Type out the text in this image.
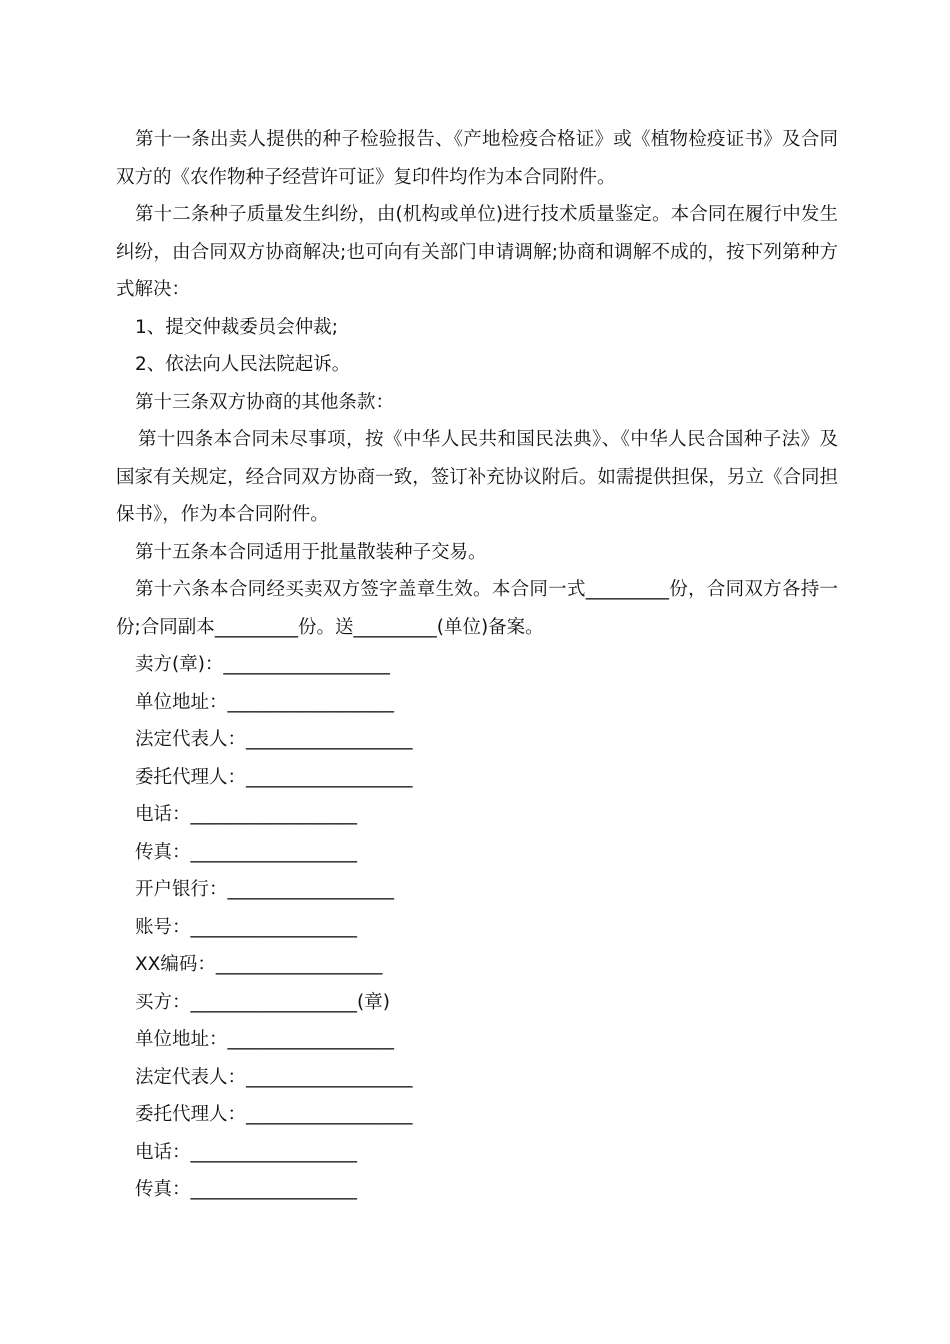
第十一条出卖人提供的种子检验报告、《产地检疫合格证》或《植物检疫证书》及合同双方的《农作物种子经营许可证》复印件均作为本合同附件。

第十二条种子质量发生纠纷，由(机构或单位)进行技术质量鉴定。本合同在履行中发生纠纷，由合同双方协商解决;也可向有关部门申请调解;协商和调解不成的，按下列第种方式解决：

1、提交仲裁委员会仲裁;

2、依法向人民法院起诉。

第十三条双方协商的其他条款：

第十四条本合同未尽事项，按《中华人民共和国民法典》、《中华人民合国种子法》及国家有关规定，经合同双方协商一致，签订补充协议附后。如需提供担保，另立《合同担保书》，作为本合同附件。

第十五条本合同适用于批量散装种子交易。

第十六条本合同经买卖双方签字盖章生效。本合同一式_________份，合同双方各持一份;合同副本_________份。送_________(单位)备案。

卖方(章)：__________________

单位地址：__________________

法定代表人：__________________

委托代理人：__________________

电话：__________________

传真：__________________

开户银行：__________________

账号：__________________

XX编码：__________________

买方：__________________(章)

单位地址：__________________

法定代表人：__________________

委托代理人：__________________

电话：__________________

传真：__________________
